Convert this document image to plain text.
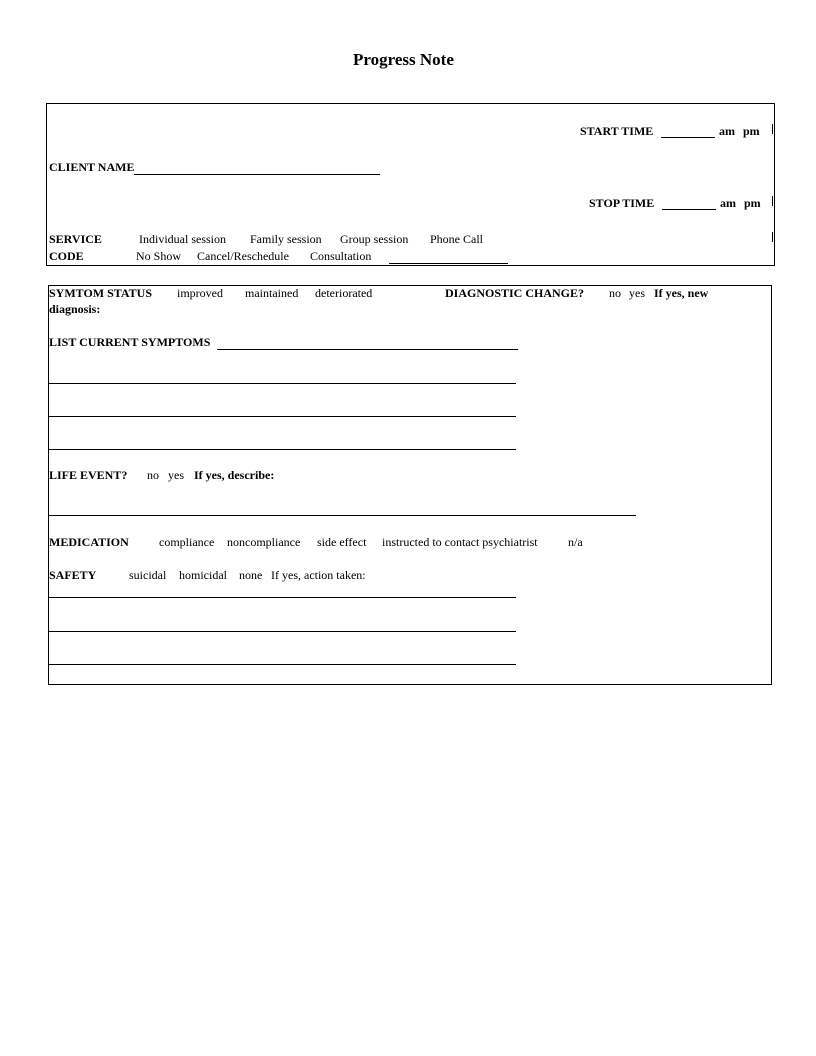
Progress Note
START TIME	am pm
CLIENT NAME
STOP TIME	am pm
SERVICE	Individual session Family session Group session Phone Call
CODE	No Show Cancel/Reschedule Consultation
SYMTOM STATUS improved maintained deteriorated	DIAGNOSTIC CHANGE? no yes If yes, new
diagnosis:
LIST CURRENT SYMPTOMS
LIFE EVENT? no yes If yes, describe:
MEDICATION	compliance noncompliance side effect instructed to contact psychiatrist	n/a
SAFETY	suicidal homicidal none If yes, action taken:
